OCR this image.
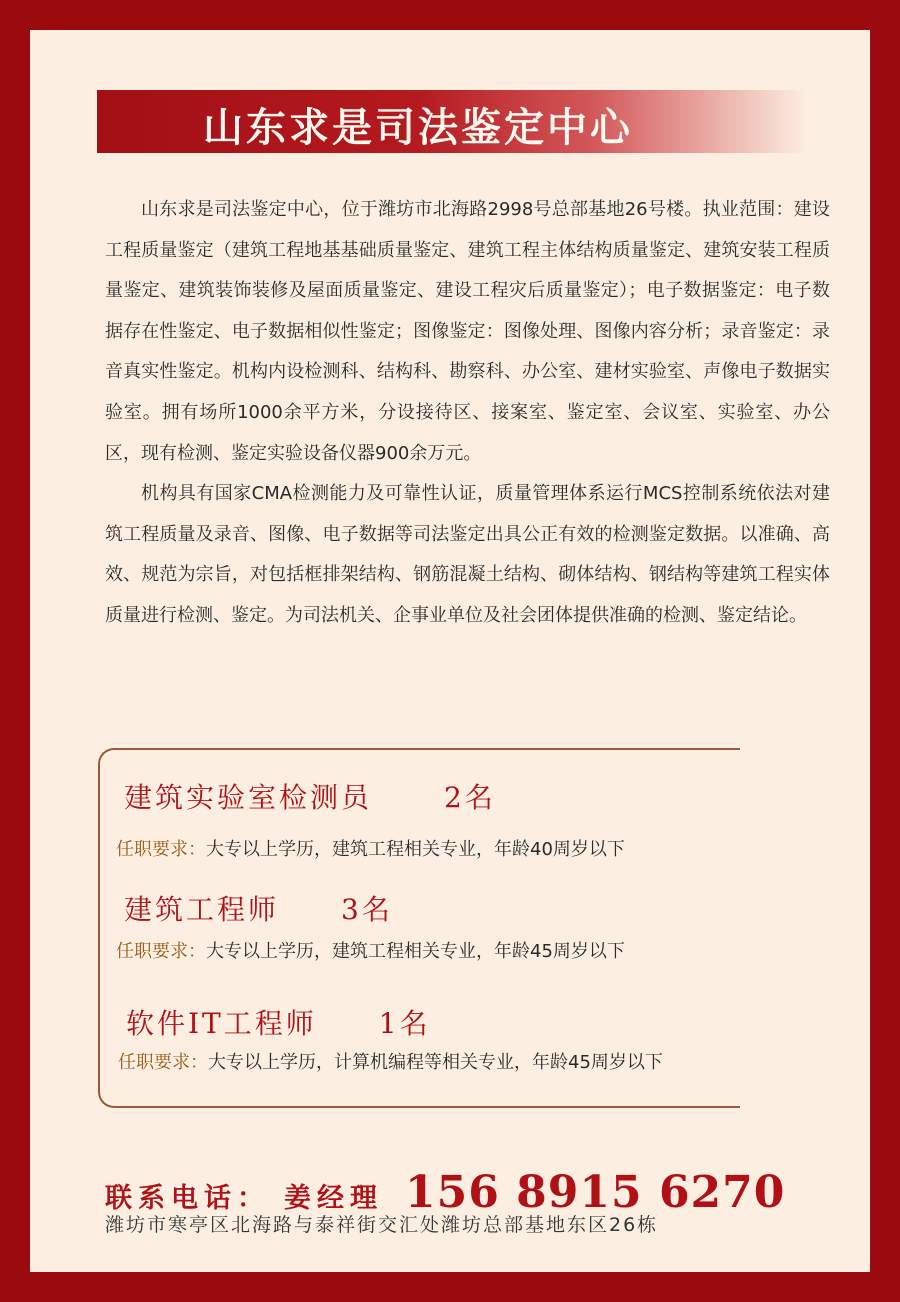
山东求是司法鉴定中心

山东求是司法鉴定中心，位于潍坊市北海路2998号总部基地26号楼。执业范围：建设工程质量鉴定（建筑工程地基基础质量鉴定、建筑工程主体结构质量鉴定、建筑安装工程质量鉴定、建筑装饰装修及屋面质量鉴定、建设工程灾后质量鉴定）；电子数据鉴定：电子数据存在性鉴定、电子数据相似性鉴定；图像鉴定：图像处理、图像内容分析；录音鉴定：录音真实性鉴定。机构内设检测科、结构科、勘察科、办公室、建材实验室、声像电子数据实验室。拥有场所1000余平方米，分设接待区、接案室、鉴定室、会议室、实验室、办公区，现有检测、鉴定实验设备仪器900余万元。

机构具有国家CMA检测能力及可靠性认证，质量管理体系运行MCS控制系统依法对建筑工程质量及录音、图像、电子数据等司法鉴定出具公正有效的检测鉴定数据。以准确、高效、规范为宗旨，对包括框排架结构、钢筋混凝土结构、砌体结构、钢结构等建筑工程实体质量进行检测、鉴定。为司法机关、企事业单位及社会团体提供准确的检测、鉴定结论。

建筑实验室检测员	2名
任职要求：大专以上学历，建筑工程相关专业，年龄40周岁以下
建筑工程师 3名
任职要求：大专以上学历，建筑工程相关专业，年龄45周岁以下
软件IT工程师 1名
任职要求：大专以上学历，计算机编程等相关专业，年龄45周岁以下
联系电话： 姜经理 156 8915 6270
潍坊市寒亭区北海路与泰祥街交汇处潍坊总部基地东区26栋
